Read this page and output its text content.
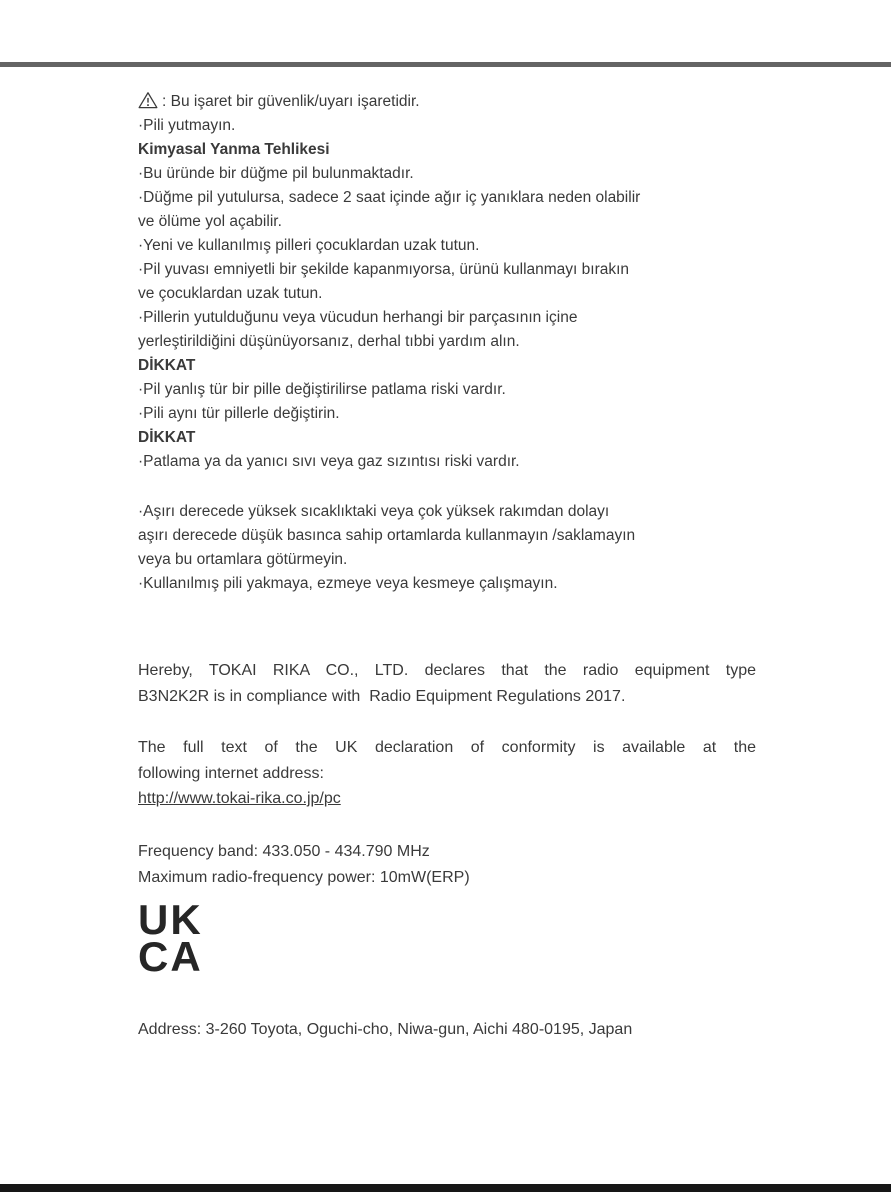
: Bu işaret bir güvenlik/uyarı işaretidir.
·Pili yutmayın.
Kimyasal Yanma Tehlikesi
·Bu üründe bir düğme pil bulunmaktadır.
·Düğme pil yutulursa, sadece 2 saat içinde ağır iç yanıklara neden olabilir
ve ölüme yol açabilir.
·Yeni ve kullanılmış pilleri çocuklardan uzak tutun.
·Pil yuvası emniyetli bir şekilde kapanmıyorsa, ürünü kullanmayı bırakın
ve çocuklardan uzak tutun.
·Pillerin yutulduğunu veya vücudun herhangi bir parçasının içine
yerleştirildiğini düşünüyorsanız, derhal tıbbi yardım alın.
DİKKAT
·Pil yanlış tür bir pille değiştirilirse patlama riski vardır.
·Pili aynı tür pillerle değiştirin.
DİKKAT
·Patlama ya da yanıcı sıvı veya gaz sızıntısı riski vardır.
·Aşırı derecede yüksek sıcaklıktaki veya çok yüksek rakımdan dolayı
aşırı derecede düşük basınca sahip ortamlarda kullanmayın /saklamayın
veya bu ortamlara götürmeyin.
·Kullanılmış pili yakmaya, ezmeye veya kesmeye çalışmayın.
Hereby, TOKAI RIKA CO., LTD. declares that the radio equipment type
B3N2K2R is in compliance with  Radio Equipment Regulations 2017.
The full text of the UK declaration of conformity is available at the
following internet address:
http://www.tokai-rika.co.jp/pc
Frequency band: 433.050 - 434.790 MHz
Maximum radio-frequency power: 10mW(ERP)
UK
CA
Address: 3-260 Toyota, Oguchi-cho, Niwa-gun, Aichi 480-0195, Japan
